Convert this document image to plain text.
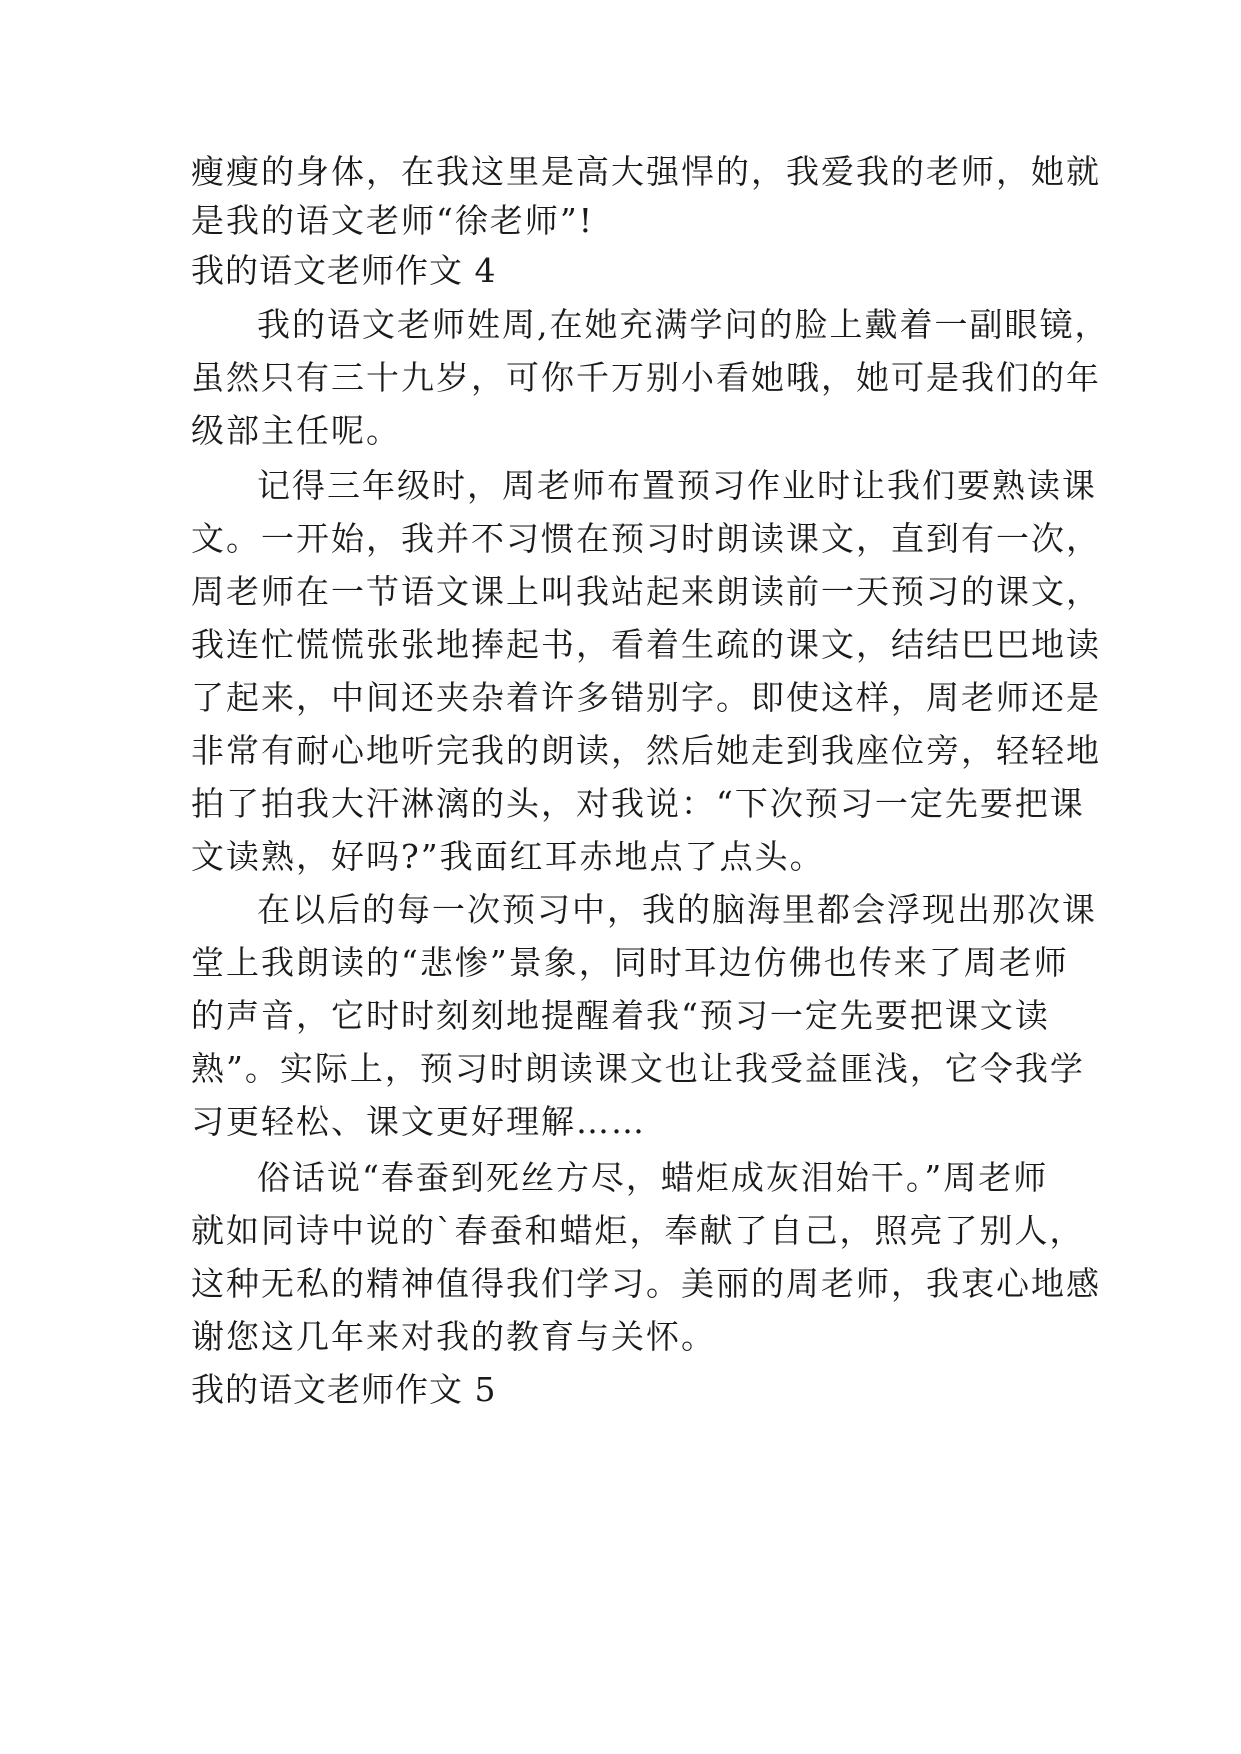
瘦瘦的身体，在我这里是高大强悍的，我爱我的老师，她就
是我的语文老师“徐老师”!
我的语文老师作文 4
我的语文老师姓周,在她充满学问的脸上戴着一副眼镜，
虽然只有三十九岁，可你千万别小看她哦，她可是我们的年
级部主任呢。
记得三年级时，周老师布置预习作业时让我们要熟读课
文。一开始，我并不习惯在预习时朗读课文，直到有一次，
周老师在一节语文课上叫我站起来朗读前一天预习的课文，
我连忙慌慌张张地捧起书，看着生疏的课文，结结巴巴地读
了起来，中间还夹杂着许多错别字。即使这样，周老师还是
非常有耐心地听完我的朗读，然后她走到我座位旁，轻轻地
拍了拍我大汗淋漓的头，对我说：“下次预习一定先要把课
文读熟，好吗?”我面红耳赤地点了点头。
在以后的每一次预习中，我的脑海里都会浮现出那次课
堂上我朗读的“悲惨”景象，同时耳边仿佛也传来了周老师
的声音，它时时刻刻地提醒着我“预习一定先要把课文读
熟”。实际上，预习时朗读课文也让我受益匪浅，它令我学
习更轻松、课文更好理解……
俗话说“春蚕到死丝方尽，蜡炬成灰泪始干。”周老师
就如同诗中说的`春蚕和蜡炬，奉献了自己，照亮了别人，
这种无私的精神值得我们学习。美丽的周老师，我衷心地感
谢您这几年来对我的教育与关怀。
我的语文老师作文 5
